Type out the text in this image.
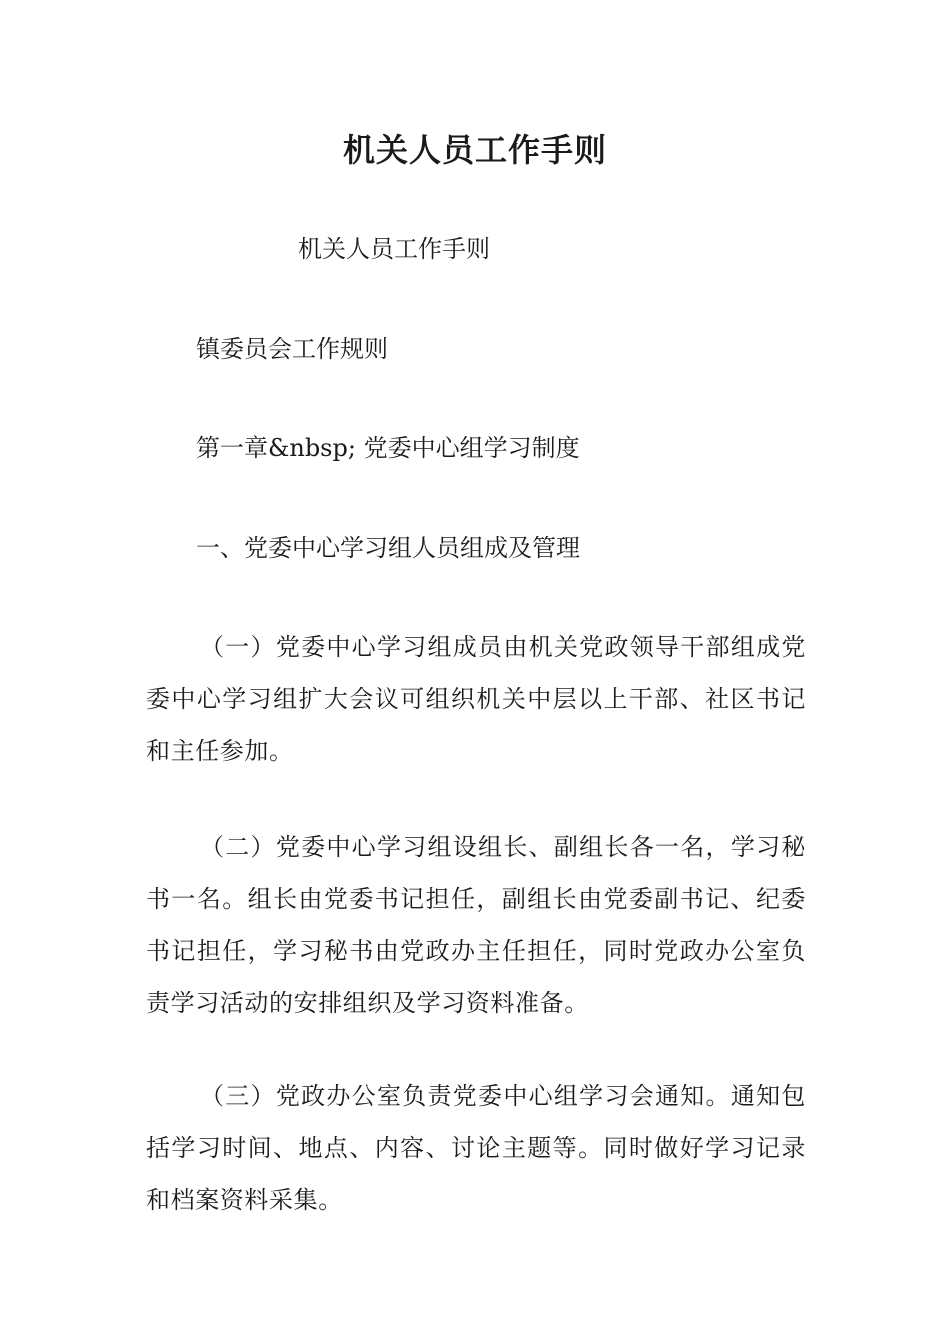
机关人员工作手则
机关人员工作手则
镇委员会工作规则
第一章&nbsp; 党委中心组学习制度
一、党委中心学习组人员组成及管理
（一）党委中心学习组成员由机关党政领导干部组成党委中心学习组扩大会议可组织机关中层以上干部、社区书记和主任参加。
（二）党委中心学习组设组长、副组长各一名，学习秘书一名。组长由党委书记担任，副组长由党委副书记、纪委书记担任，学习秘书由党政办主任担任，同时党政办公室负责学习活动的安排组织及学习资料准备。
（三）党政办公室负责党委中心组学习会通知。通知包括学习时间、地点、内容、讨论主题等。同时做好学习记录和档案资料采集。
